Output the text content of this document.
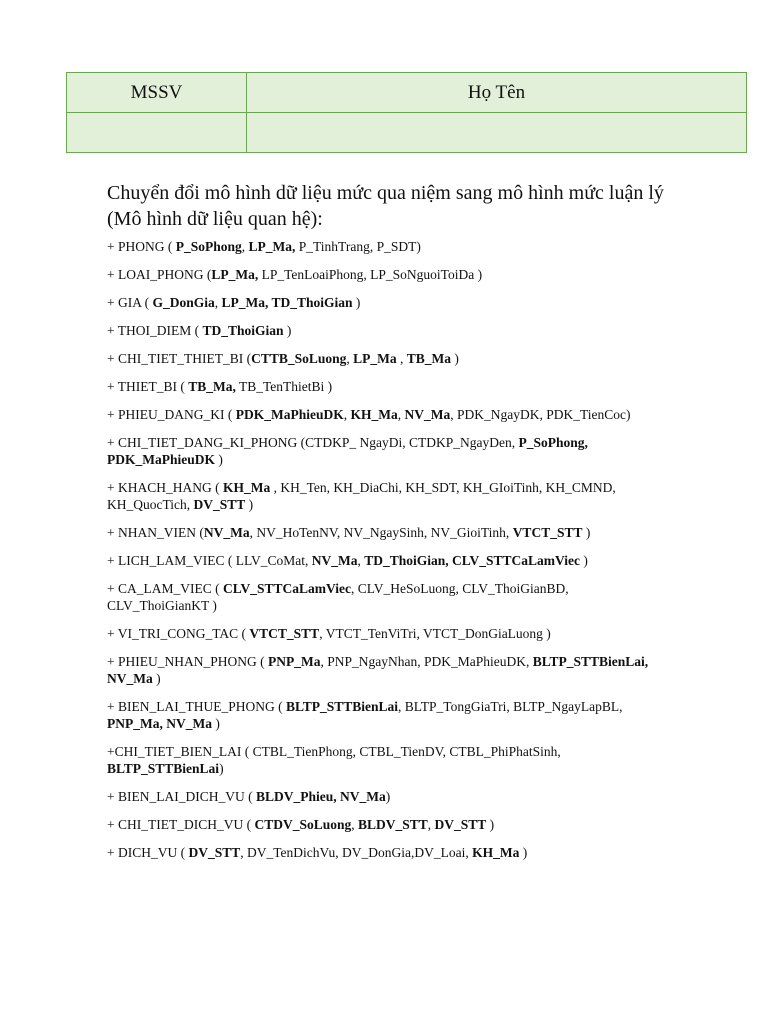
MSSV	Họ Tên

Chuyển đổi mô hình dữ liệu mức qua niệm sang mô hình mức luận lý
(Mô hình dữ liệu quan hệ):
+ PHONG ( P_SoPhong, LP_Ma, P_TinhTrang, P_SDT)
+ LOAI_PHONG (LP_Ma, LP_TenLoaiPhong, LP_SoNguoiToiDa )
+ GIA ( G_DonGia, LP_Ma, TD_ThoiGian )
+ THOI_DIEM ( TD_ThoiGian )
+ CHI_TIET_THIET_BI (CTTB_SoLuong, LP_Ma , TB_Ma )
+ THIET_BI ( TB_Ma, TB_TenThietBi )
+ PHIEU_DANG_KI ( PDK_MaPhieuDK, KH_Ma, NV_Ma, PDK_NgayDK, PDK_TienCoc)
+ CHI_TIET_DANG_KI_PHONG (CTDKP_ NgayDi, CTDKP_NgayDen, P_SoPhong, PDK_MaPhieuDK )
+ KHACH_HANG ( KH_Ma , KH_Ten, KH_DiaChi, KH_SDT, KH_GIoiTinh, KH_CMND, KH_QuocTich, DV_STT )
+ NHAN_VIEN (NV_Ma, NV_HoTenNV, NV_NgaySinh, NV_GioiTinh, VTCT_STT )
+ LICH_LAM_VIEC ( LLV_CoMat, NV_Ma, TD_ThoiGian, CLV_STTCaLamViec )
+ CA_LAM_VIEC ( CLV_STTCaLamViec, CLV_HeSoLuong, CLV_ThoiGianBD, CLV_ThoiGianKT )
+ VI_TRI_CONG_TAC ( VTCT_STT, VTCT_TenViTri, VTCT_DonGiaLuong )
+ PHIEU_NHAN_PHONG ( PNP_Ma, PNP_NgayNhan, PDK_MaPhieuDK, BLTP_STTBienLai, NV_Ma )
+ BIEN_LAI_THUE_PHONG ( BLTP_STTBienLai, BLTP_TongGiaTri, BLTP_NgayLapBL, PNP_Ma, NV_Ma )
+CHI_TIET_BIEN_LAI ( CTBL_TienPhong, CTBL_TienDV, CTBL_PhiPhatSinh, BLTP_STTBienLai)
+ BIEN_LAI_DICH_VU ( BLDV_Phieu, NV_Ma)
+ CHI_TIET_DICH_VU ( CTDV_SoLuong, BLDV_STT, DV_STT )
+ DICH_VU ( DV_STT, DV_TenDichVu, DV_DonGia,DV_Loai, KH_Ma )
